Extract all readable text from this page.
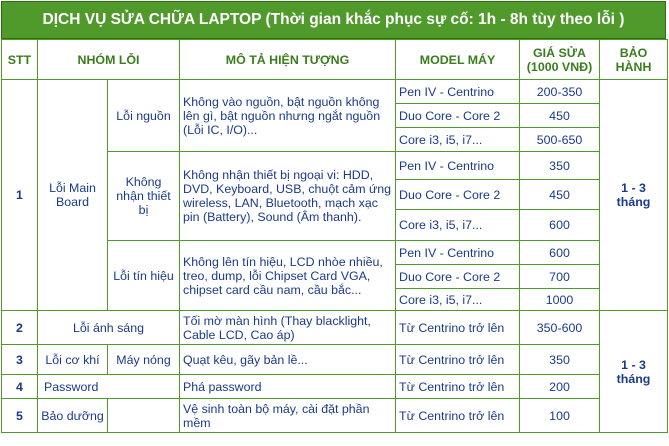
DỊCH VỤ SỬA CHỮA LAPTOP (Thời gian khắc phục sự cố: 1h - 8h tùy theo lỗi )
STT	NHÓM LỖI		MÔ TẢ HIỆN TƯỢNG	MODEL MÁY	GIÁ SỬA (1000 VNĐ)	BẢO HÀNH
1	Lỗi Main Board	Lỗi nguồn	Không vào nguồn, bật nguồn không lên gì, bật nguồn nhưng ngắt nguồn (Lỗi IC, I/O)...	Pen IV - Centrino	200-350	1 - 3 tháng
				Duo Core - Core 2	450	
				Core i3, i5, i7...	500-650	
		Không nhận thiết bị	Không nhận thiết bị ngoại vi: HDD, DVD, Keyboard, USB, chuột cảm ứng wireless, LAN, Bluetooth, mạch xạc pin (Battery), Sound (Âm thanh).	Pen IV - Centrino	350	
				Duo Core - Core 2	450	
				Core i3, i5, i7...	600	
		Lỗi tín hiệu	Không lên tín hiệu, LCD nhòe nhiều, treo, dump, lỗi Chipset Card VGA, chipset card cầu nam, cầu bắc...	Pen IV - Centrino	600	
				Duo Core - Core 2	700	
				Core i3, i5, i7...	1000	
2	Lỗi ánh sáng		Tối mờ màn hình (Thay blacklight, Cable LCD, Cao áp)	Từ Centrino trở lên	350-600	1 - 3 tháng
3	Lỗi cơ khí	Máy nóng	Quạt kêu, gãy bản lề...	Từ Centrino trở lên	350	
4	Password		Phá password	Từ Centrino trở lên	200	
5	Bảo dưỡng		Vệ sinh toàn bộ máy, cài đặt phần mềm	Từ Centrino trở lên	100	
